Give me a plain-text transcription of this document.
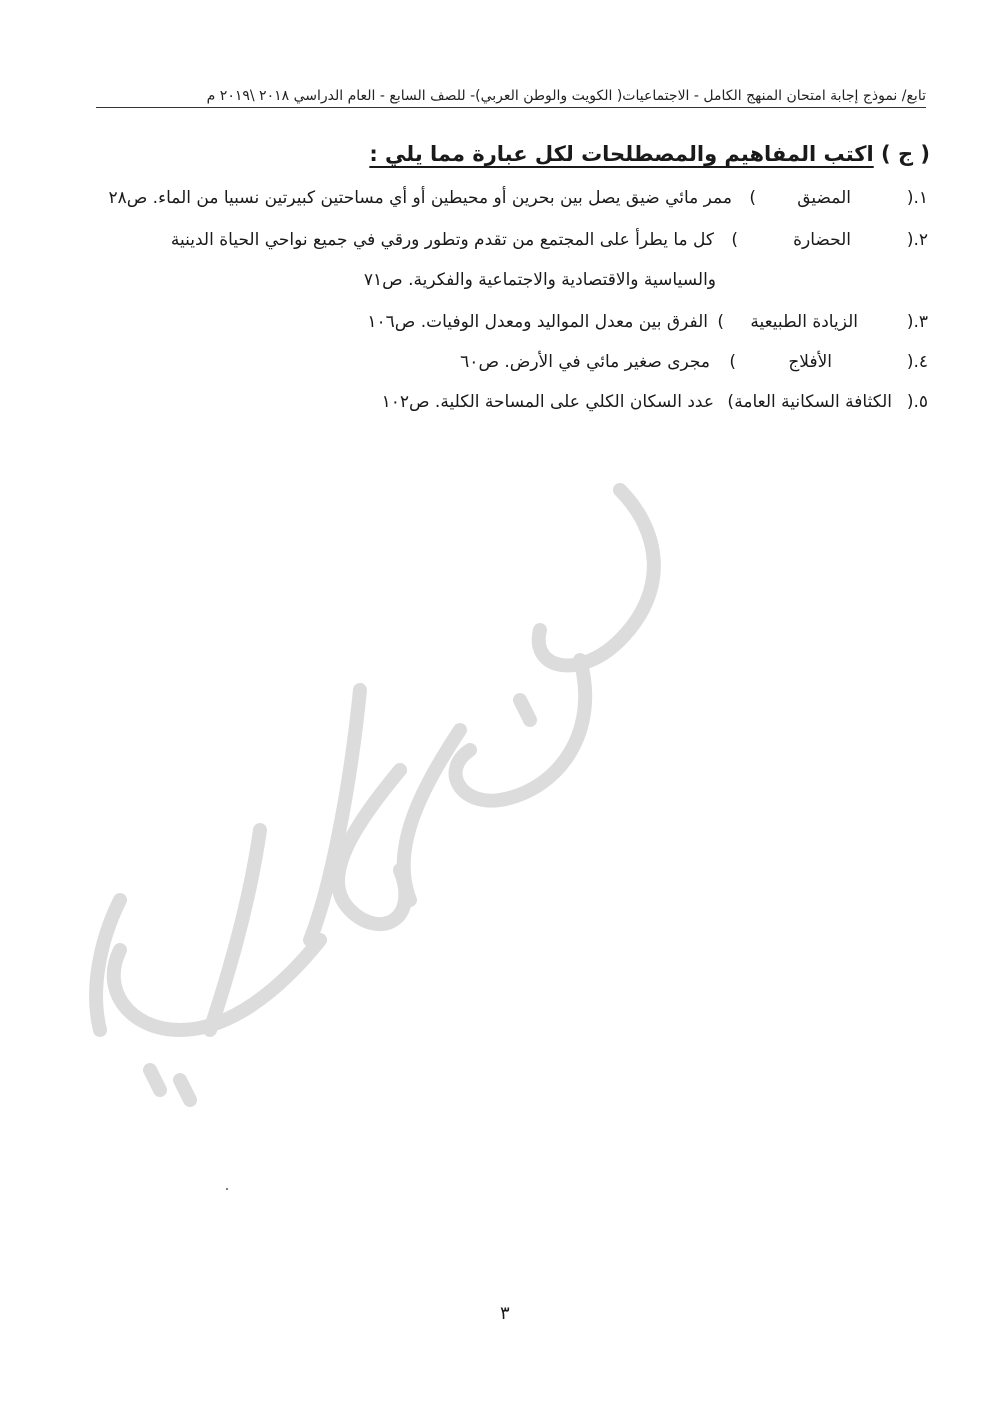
تابع/ نموذج إجابة امتحان المنهج الكامل - الاجتماعيات( الكويت والوطن العربي)- للصف السابع - العام الدراسي ٢٠١٨ \٢٠١٩ م
( ج ) اكتب المفاهيم والمصطلحات لكل عبارة مما يلي :
١.(
المضيق
)
ممر مائي ضيق يصل بين بحرين أو محيطين أو أي مساحتين كبيرتين نسبيا من الماء. ص٢٨
٢.(
الحضارة
)
كل ما يطرأ على المجتمع من تقدم وتطور ورقي في جميع نواحي الحياة الدينية
والسياسية والاقتصادية والاجتماعية والفكرية. ص٧١
٣.(
الزيادة الطبيعية
)
الفرق بين معدل المواليد ومعدل الوفيات. ص١٠٦
٤.(
الأفلاج
)
مجرى صغير مائي في الأرض. ص٦٠
٥.(
الكثافة السكانية العامة
)
عدد السكان الكلي على المساحة الكلية. ص١٠٢
٣
